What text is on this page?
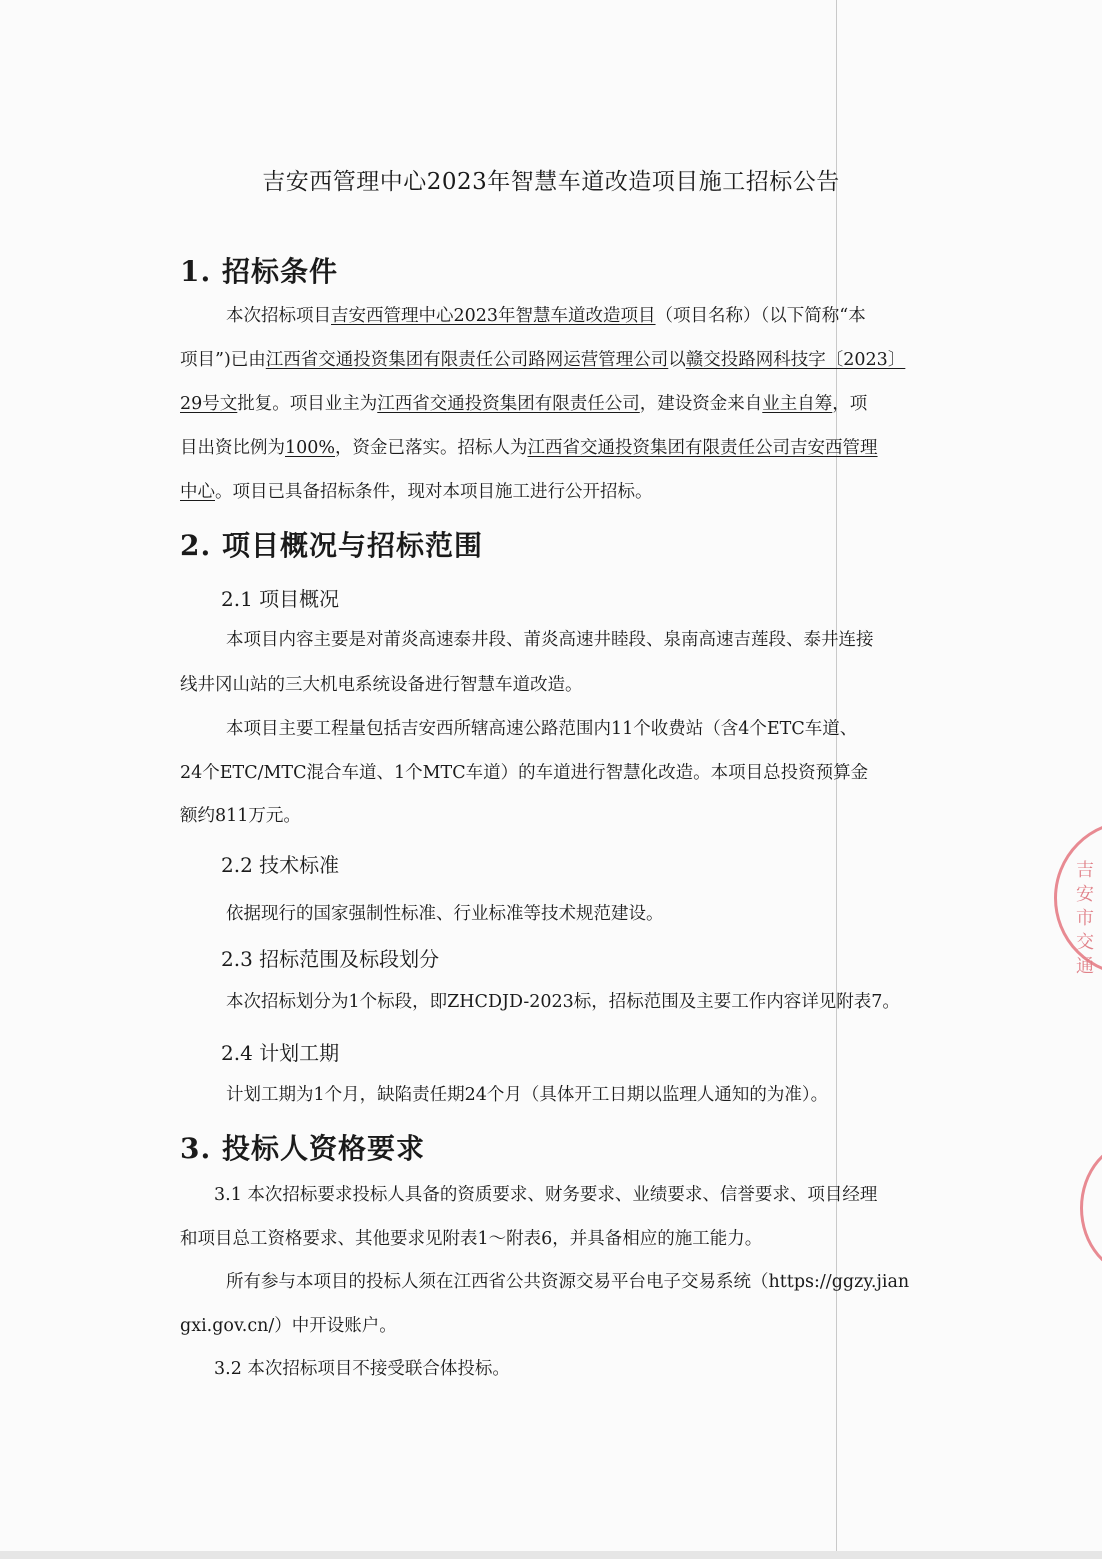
吉安市交通
吉安西管理中心2023年智慧车道改造项目施工招标公告
1. 招标条件
本次招标项目吉安西管理中心2023年智慧车道改造项目（项目名称）（以下简称“本
项目”)已由江西省交通投资集团有限责任公司路网运营管理公司以赣交投路网科技字〔2023〕
29号文批复。项目业主为江西省交通投资集团有限责任公司，建设资金来自业主自筹，项
目出资比例为100%，资金已落实。招标人为江西省交通投资集团有限责任公司吉安西管理
中心。项目已具备招标条件，现对本项目施工进行公开招标。
2. 项目概况与招标范围
2.1 项目概况
本项目内容主要是对莆炎高速泰井段、莆炎高速井睦段、泉南高速吉莲段、泰井连接
线井冈山站的三大机电系统设备进行智慧车道改造。
本项目主要工程量包括吉安西所辖高速公路范围内11个收费站（含4个ETC车道、
24个ETC/MTC混合车道、1个MTC车道）的车道进行智慧化改造。本项目总投资预算金
额约811万元。
2.2 技术标准
依据现行的国家强制性标准、行业标准等技术规范建设。
2.3 招标范围及标段划分
本次招标划分为1个标段，即ZHCDJD-2023标，招标范围及主要工作内容详见附表7。
2.4 计划工期
计划工期为1个月，缺陷责任期24个月（具体开工日期以监理人通知的为准）。
3. 投标人资格要求
3.1 本次招标要求投标人具备的资质要求、财务要求、业绩要求、信誉要求、项目经理
和项目总工资格要求、其他要求见附表1～附表6，并具备相应的施工能力。
所有参与本项目的投标人须在江西省公共资源交易平台电子交易系统（https://ggzy.jian
gxi.gov.cn/）中开设账户。
3.2 本次招标项目不接受联合体投标。
